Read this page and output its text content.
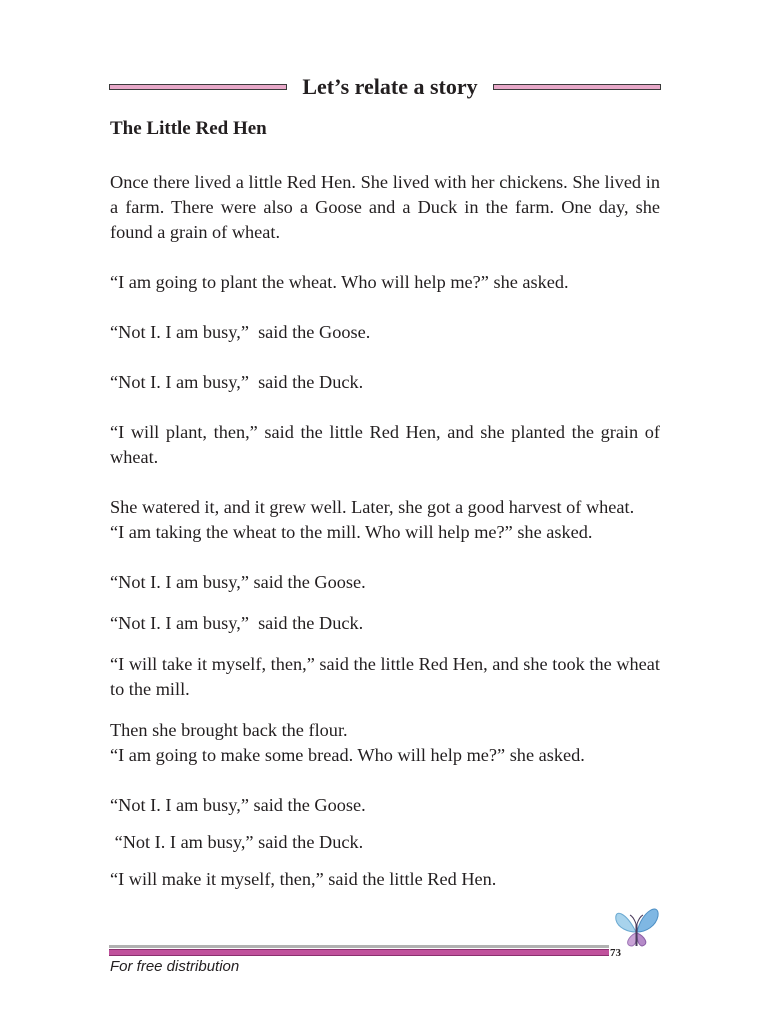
Let’s relate a story
The Little Red Hen

Once there lived a little Red Hen. She lived with her chickens. She lived in a farm. There were also a Goose and a Duck in the farm. One day, she found a grain of wheat.

“I am going to plant the wheat. Who will help me?” she asked.

“Not I. I am busy,”  said the Goose.

“Not I. I am busy,”  said the Duck.

“I will plant, then,” said the little Red Hen, and she planted the grain of wheat.

She watered it, and it grew well. Later, she got a good harvest of wheat.

“I am taking the wheat to the mill. Who will help me?” she asked.

“Not I. I am busy,” said the Goose.

“Not I. I am busy,”  said the Duck.

“I will take it myself, then,” said the little Red Hen, and she took the wheat to the mill.

Then she brought back the flour.

“I am going to make some bread. Who will help me?” she asked.

“Not I. I am busy,” said the Goose.

“Not I. I am busy,” said the Duck.

“I will make it myself, then,” said the little Red Hen.

73
For free distribution
